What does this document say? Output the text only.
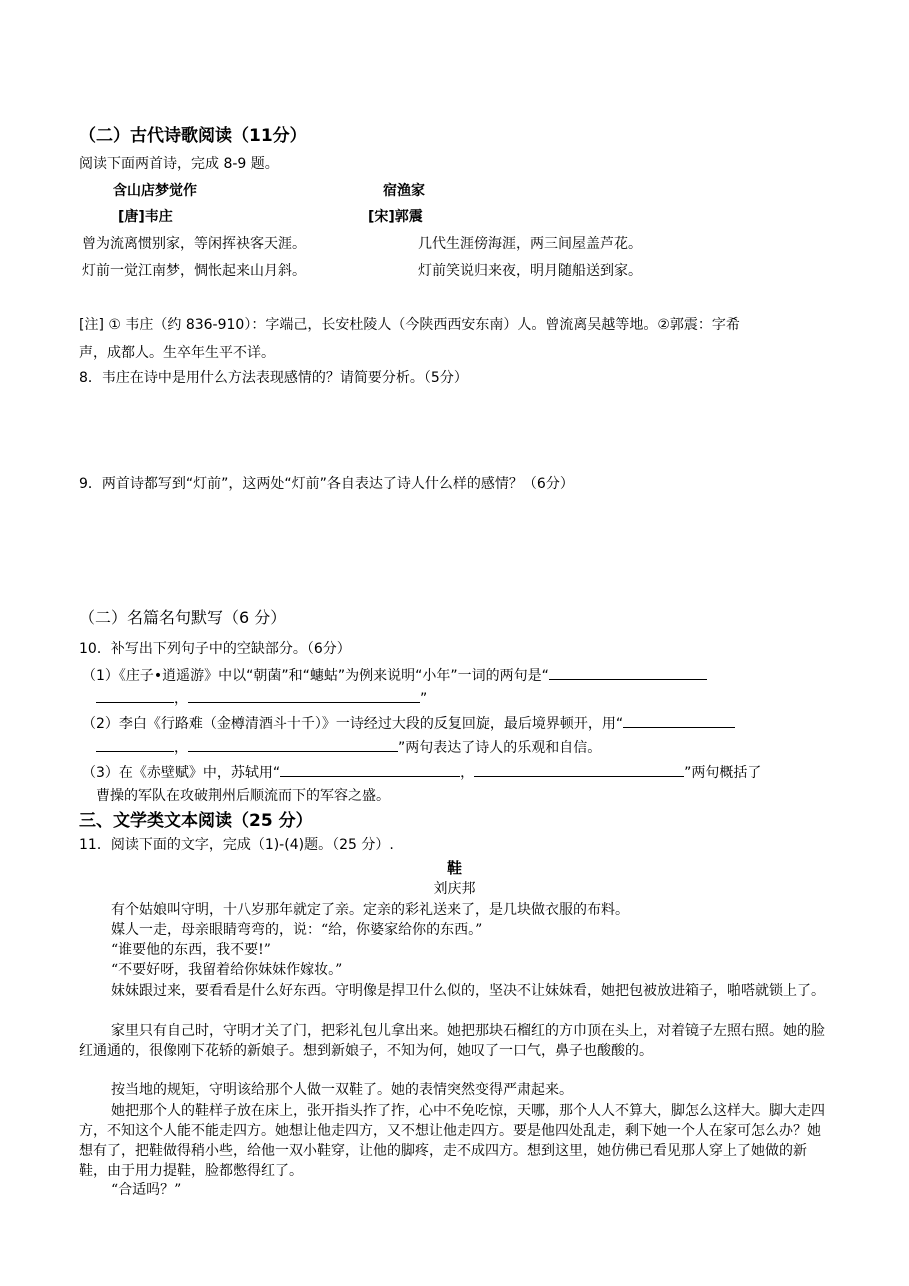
（二）古代诗歌阅读（11分）
阅读下面两首诗，完成 8-9 题。
含山店梦觉作	宿渔家
[唐]韦庄	[宋]郭震
曾为流离惯别家，等闲挥袂客天涯。	几代生涯傍海涯，两三间屋盖芦花。
灯前一觉江南梦，惆怅起来山月斜。	灯前笑说归来夜，明月随船送到家。
[注] ① 韦庄（约 836-910）：字端己，长安杜陵人（今陕西西安东南）人。曾流离吴越等地。②郭震：字希
声，成都人。生卒年生平不详。
8．韦庄在诗中是用什么方法表现感情的？请简要分析。（5分）
9．两首诗都写到“灯前”，这两处“灯前”各自表达了诗人什么样的感情？（6分）
（二）名篇名句默写（6 分）
10．补写出下列句子中的空缺部分。（6分）
（1）《庄子•逍遥游》中以“朝菌”和“蟪蛄”为例来说明“小年”一词的两句是“
，	”
（2）李白《行路难（金樽清酒斗十千）》一诗经过大段的反复回旋，最后境界顿开，用“
，	”两句表达了诗人的乐观和自信。
（3）在《赤壁赋》中，苏轼用“	，	”两句概括了
曹操的军队在攻破荆州后顺流而下的军容之盛。
三、文学类文本阅读（25 分）
11．阅读下面的文字，完成（1)-(4)题。（25 分）.
鞋
刘庆邦
有个姑娘叫守明，十八岁那年就定了亲。定亲的彩礼送来了，是几块做衣服的布料。
媒人一走，母亲眼睛弯弯的，说：“给，你婆家给你的东西。”
“谁要他的东西，我不要!”
“不要好呀，我留着给你妹妹作嫁妆。”
妹妹跟过来，要看看是什么好东西。守明像是捍卫什么似的，坚决不让妹妹看，她把包被放进箱子，啪嗒就锁上了。
家里只有自己时，守明才关了门，把彩礼包儿拿出来。她把那块石榴红的方巾顶在头上，对着镜子左照右照。她的脸红通通的，很像刚下花轿的新娘子。想到新娘子，不知为何，她叹了一口气，鼻子也酸酸的。
按当地的规矩，守明该给那个人做一双鞋了。她的表情突然变得严肃起来。
她把那个人的鞋样子放在床上，张开指头拃了拃，心中不免吃惊，天哪，那个人人不算大，脚怎么这样大。脚大走四方，不知这个人能不能走四方。她想让他走四方，又不想让他走四方。要是他四处乱走，剩下她一个人在家可怎么办？她想有了，把鞋做得稍小些，给他一双小鞋穿，让他的脚疼，走不成四方。想到这里，她仿佛已看见那人穿上了她做的新鞋，由于用力提鞋，脸都憋得红了。
“合适吗？”
